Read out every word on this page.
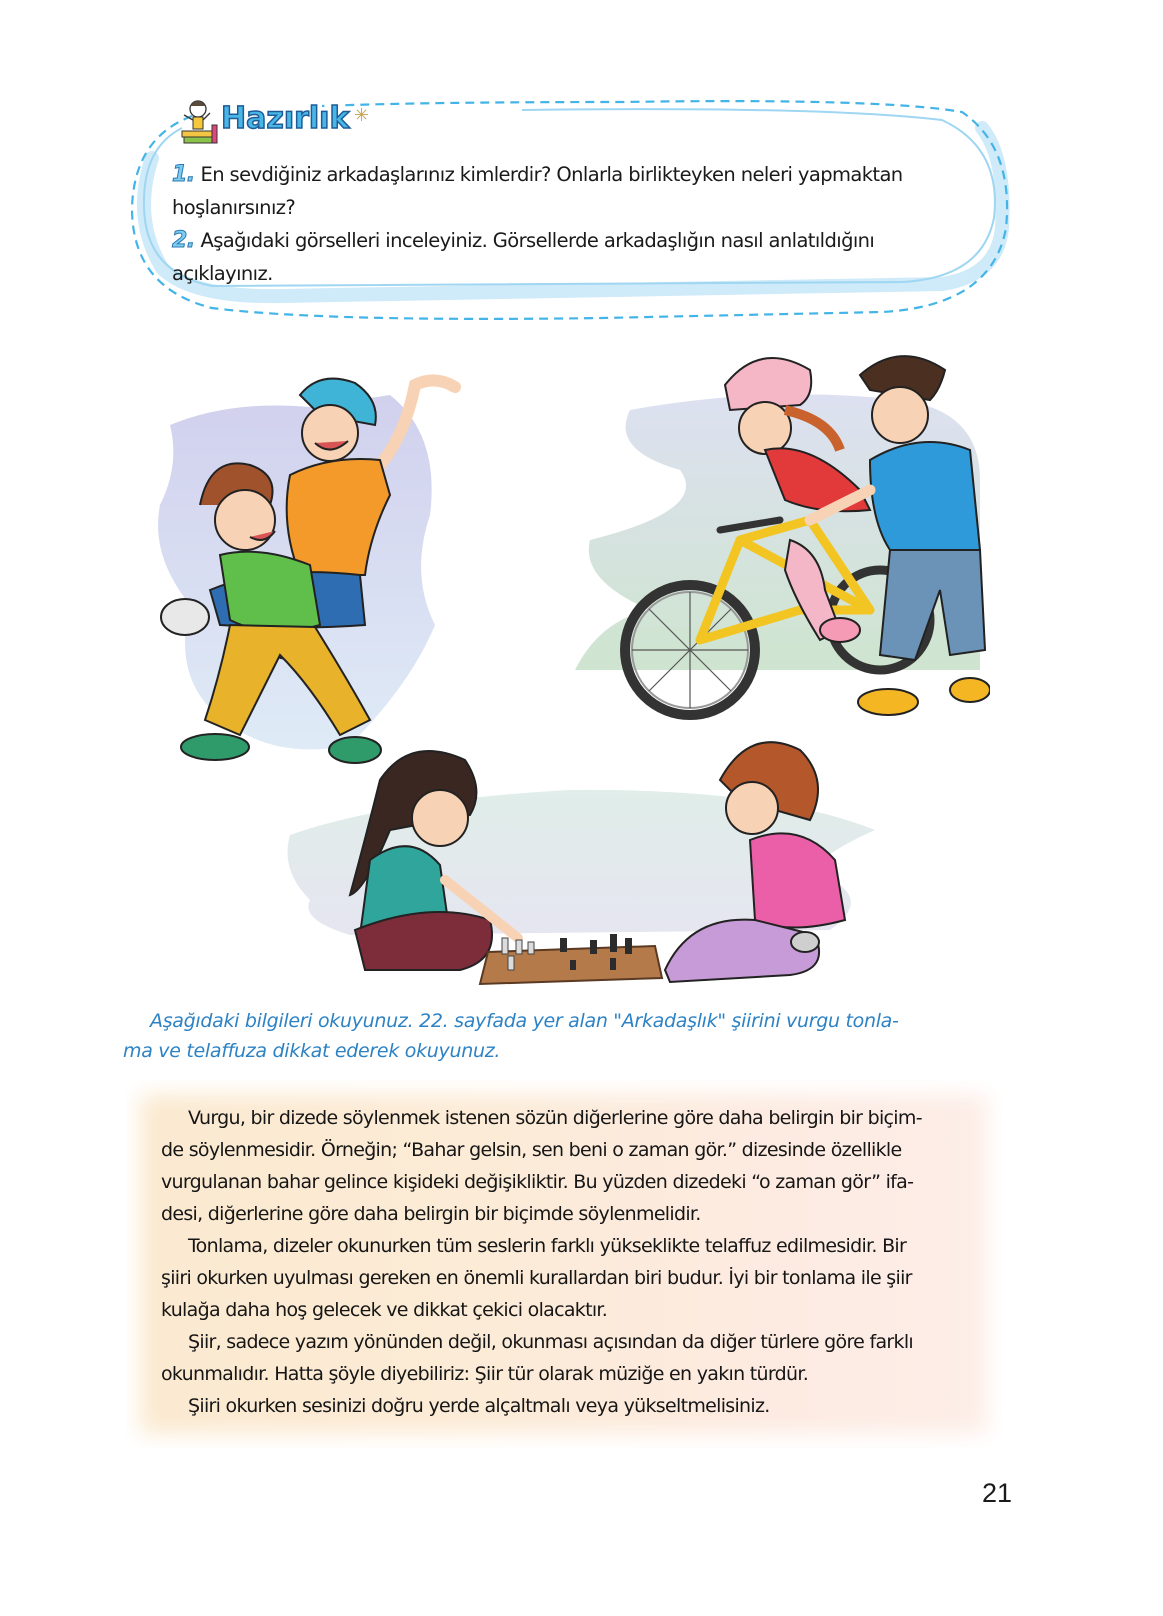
Hazırlık ✳
1. En sevdiğiniz arkadaşlarınız kimlerdir? Onlarla birlikteyken neleri yapmaktan
hoşlanırsınız?
2. Aşağıdaki görselleri inceleyiniz. Görsellerde arkadaşlığın nasıl anlatıldığını
açıklayınız.
Aşağıdaki bilgileri okuyunuz. 22. sayfada yer alan "Arkadaşlık" şiirini vurgu tonla-
ma ve telaffuza dikkat ederek okuyunuz.
Vurgu, bir dizede söylenmek istenen sözün diğerlerine göre daha belirgin bir biçim-
de söylenmesidir. Örneğin; “Bahar gelsin, sen beni o zaman gör.” dizesinde özellikle
vurgulanan bahar gelince kişideki değişikliktir. Bu yüzden dizedeki “o zaman gör” ifa-
desi, diğerlerine göre daha belirgin bir biçimde söylenmelidir.
Tonlama, dizeler okunurken tüm seslerin farklı yükseklikte telaffuz edilmesidir. Bir
şiiri okurken uyulması gereken en önemli kurallardan biri budur. İyi bir tonlama ile şiir
kulağa daha hoş gelecek ve dikkat çekici olacaktır.
Şiir, sadece yazım yönünden değil, okunması açısından da diğer türlere göre farklı
okunmalıdır. Hatta şöyle diyebiliriz: Şiir tür olarak müziğe en yakın türdür.
Şiiri okurken sesinizi doğru yerde alçaltmalı veya yükseltmelisiniz.
21
